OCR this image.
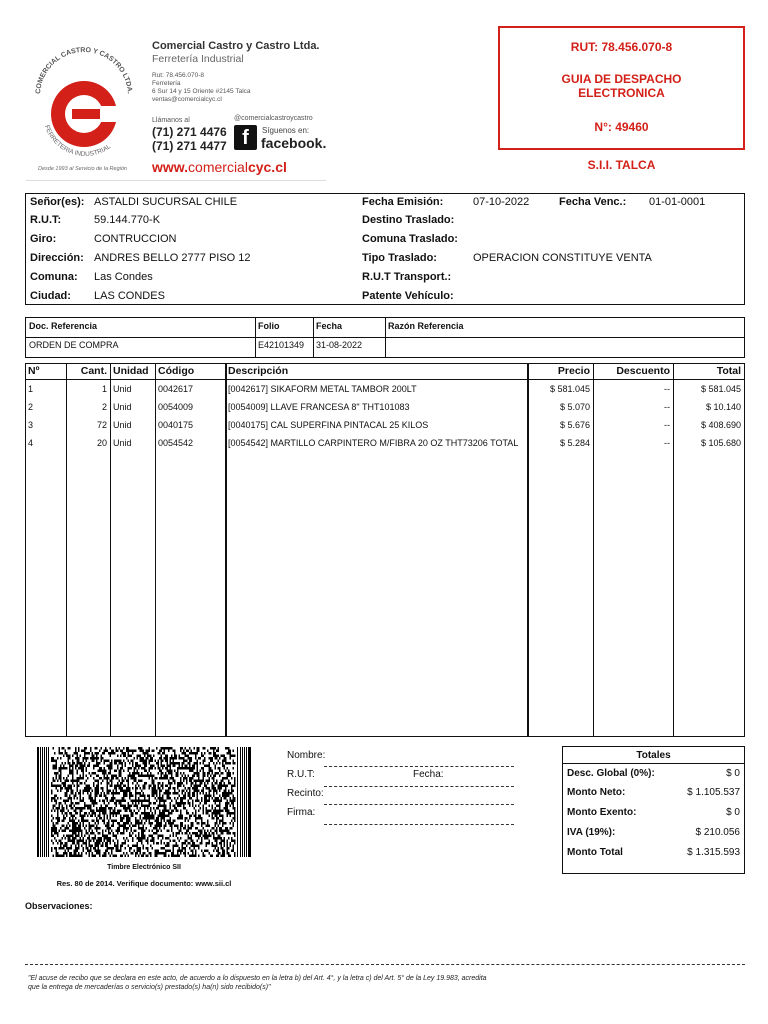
COMERCIAL CASTRO Y CASTRO LTDA.
FERRETERIA INDUSTRIAL
Comercial Castro y Castro Ltda.
Ferretería Industrial
Rut: 78.456.070-8
Ferretería
6 Sur 14 y 15 Oriente #2145 Talca
ventas@comercialcyc.cl
Llámanos al
(71) 271 4476
(71) 271 4477
@comercialcastroycastro
f	Síguenos en:
facebook.
www.comercialcyc.cl
Desde 1993 al Servicio de la Región
RUT: 78.456.070-8
GUIA DE DESPACHO
ELECTRONICA
N°: 49460
S.I.I. TALCA
Señor(es): ASTALDI SUCURSAL CHILE
R.U.T:	59.144.770-K
Giro:	CONTRUCCION
Dirección: ANDRES BELLO 2777 PISO 12
Comuna: Las Condes
Ciudad: LAS CONDES
Fecha Emisión:	07-10-2022	Fecha Venc.: 01-01-0001
Destino Traslado:
Comuna Traslado:
Tipo Traslado:	OPERACION CONSTITUYE VENTA
R.U.T Transport.:
Patente Vehículo:
Doc. Referencia	Folio	Fecha	Razón Referencia
ORDEN DE COMPRA	E42101349 31-08-2022
Nº	Cant. Unidad Código	Descripción	Precio	Descuento	Total
1	1 Unid	0042617	[0042617] SIKAFORM METAL TAMBOR 200LT	$ 581.045	--	$ 581.045
2	2 Unid	0054009	[0054009] LLAVE FRANCESA 8" THT101083	$ 5.070	--	$ 10.140
3	72 Unid	0040175	[0040175] CAL SUPERFINA PINTACAL 25 KILOS	$ 5.676	--	$ 408.690
4	20 Unid	0054542	[0054542] MARTILLO CARPINTERO M/FIBRA 20 OZ THT73206 TOTAL	$ 5.284	--	$ 105.680
Timbre Electrónico SII
Res. 80 de 2014. Verifique documento: www.sii.cl
Nombre:
R.U.T:	Fecha:
Recinto:
Firma:
Totales
Desc. Global (0%):	$ 0
Monto Neto:	$ 1.105.537
Monto Exento:	$ 0
IVA (19%):	$ 210.056
Monto Total	$ 1.315.593
Observaciones:
"El acuse de recibo que se declara en este acto, de acuerdo a lo dispuesto en la letra b) del Art. 4°, y la letra c) del Art. 5° de la Ley 19.983, acredita que la entrega de mercaderías o servicio(s) prestado(s) ha(n) sido recibido(s)"
